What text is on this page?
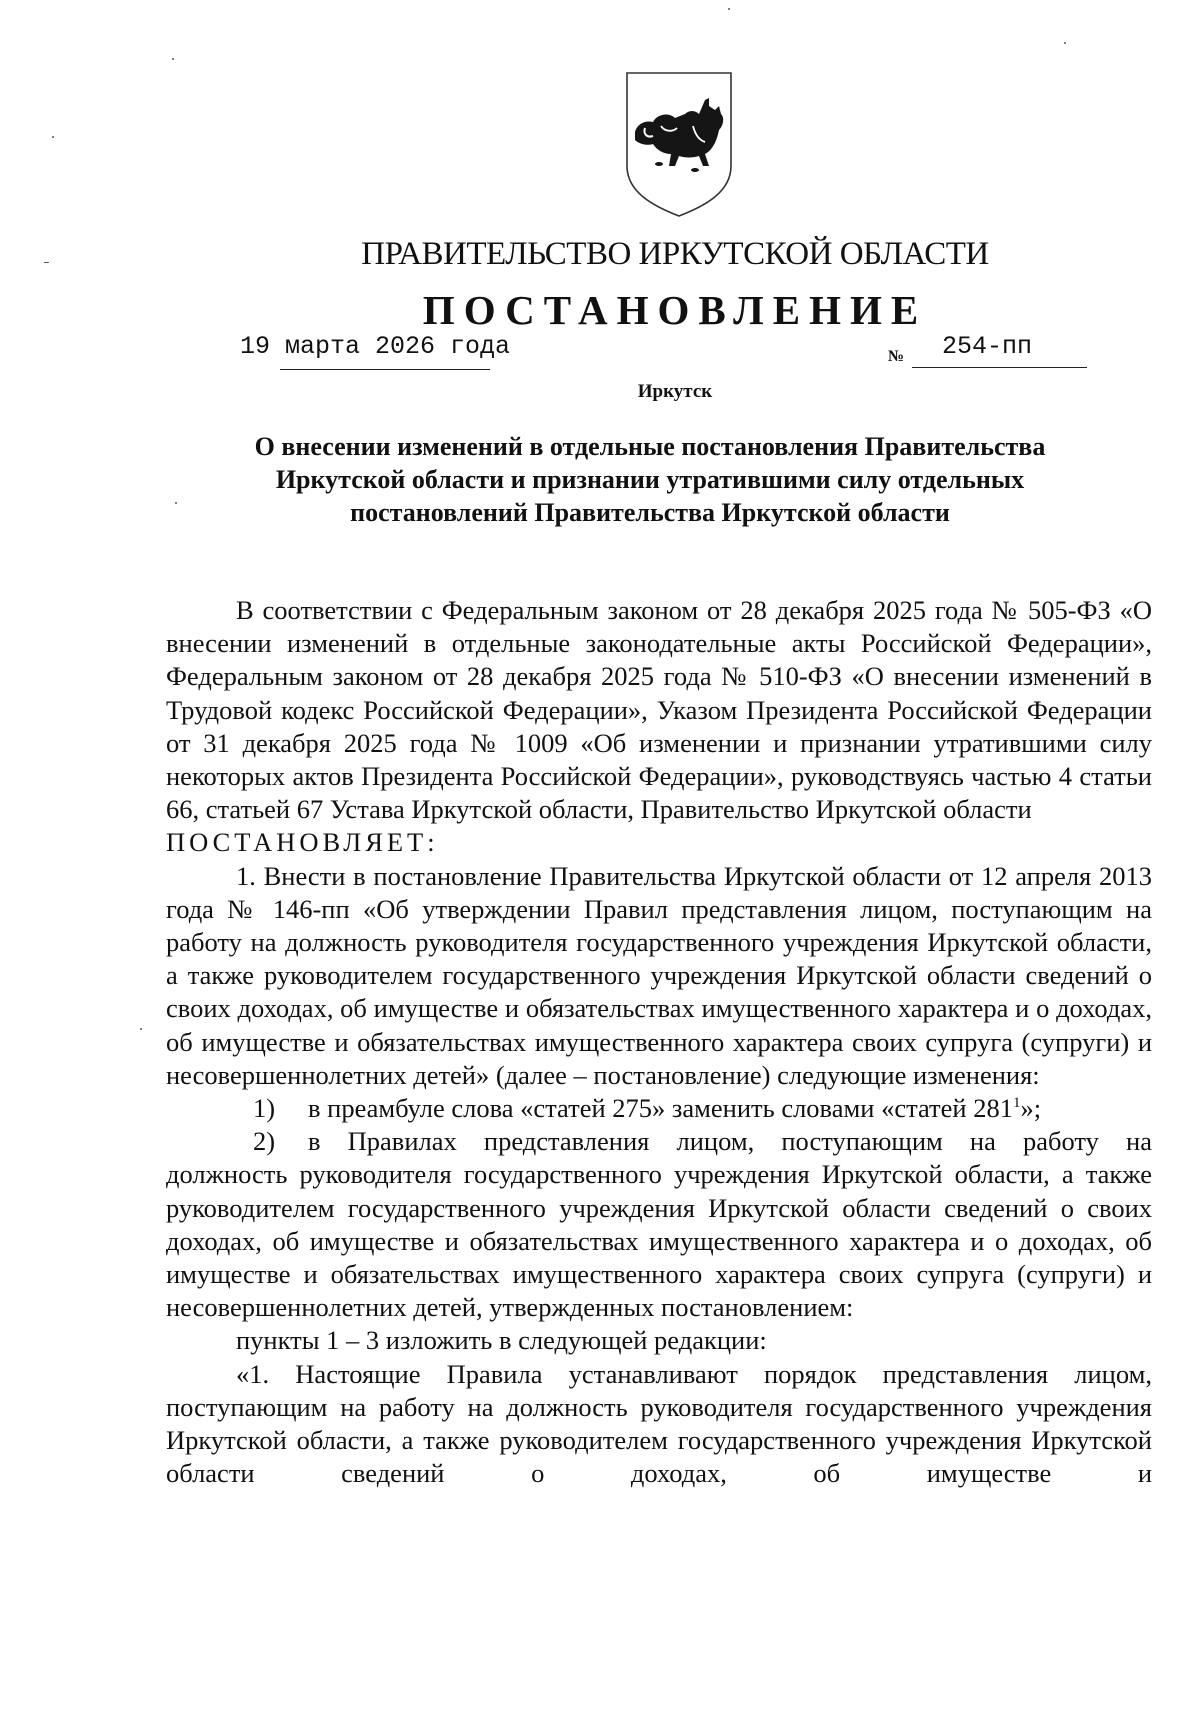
ПРАВИТЕЛЬСТВО ИРКУТСКОЙ ОБЛАСТИ
ПОСТАНОВЛЕНИЕ
19 марта 2026 года	№ 254-пп
Иркутск
О внесении изменений в отдельные постановления Правительства
Иркутской области и признании утратившими силу отдельных
постановлений Правительства Иркутской области

В соответствии с Федеральным законом от 28 декабря 2025 года № 505-ФЗ «О внесении изменений в отдельные законодательные акты Российской Федерации», Федеральным законом от 28 декабря 2025 года № 510-ФЗ «О внесении изменений в Трудовой кодекс Российской Федерации», Указом Президента Российской Федерации от 31 декабря 2025 года № 1009 «Об изменении и признании утратившими силу некоторых актов Президента Российской Федерации», руководствуясь частью 4 статьи 66, статьей 67 Устава Иркутской области, Правительство Иркутской области

ПОСТАНОВЛЯЕТ:

1. Внести в постановление Правительства Иркутской области от 12 апреля 2013 года № 146-пп «Об утверждении Правил представления лицом, поступающим на работу на должность руководителя государственного учреждения Иркутской области, а также руководителем государственного учреждения Иркутской области сведений о своих доходах, об имуществе и обязательствах имущественного характера и о доходах, об имуществе и обязательствах имущественного характера своих супруга (супруги) и несовершеннолетних детей» (далее – постановление) следующие изменения:

1)	в преамбуле слова «статей 275» заменить словами «статей $281^1$»;
2)	в Правилах представления лицом, поступающим на работу на

должность руководителя государственного учреждения Иркутской области, а также руководителем государственного учреждения Иркутской области сведений о своих доходах, об имуществе и обязательствах имущественного характера и о доходах, об имуществе и обязательствах имущественного характера своих супруга (супруги) и несовершеннолетних детей, утвержденных постановлением:

пункты 1 – 3 изложить в следующей редакции:

«1. Настоящие Правила устанавливают порядок представления лицом, поступающим на работу на должность руководителя государственного учреждения Иркутской области, а также руководителем государственного учреждения Иркутской области сведений о доходах, об имуществе и
